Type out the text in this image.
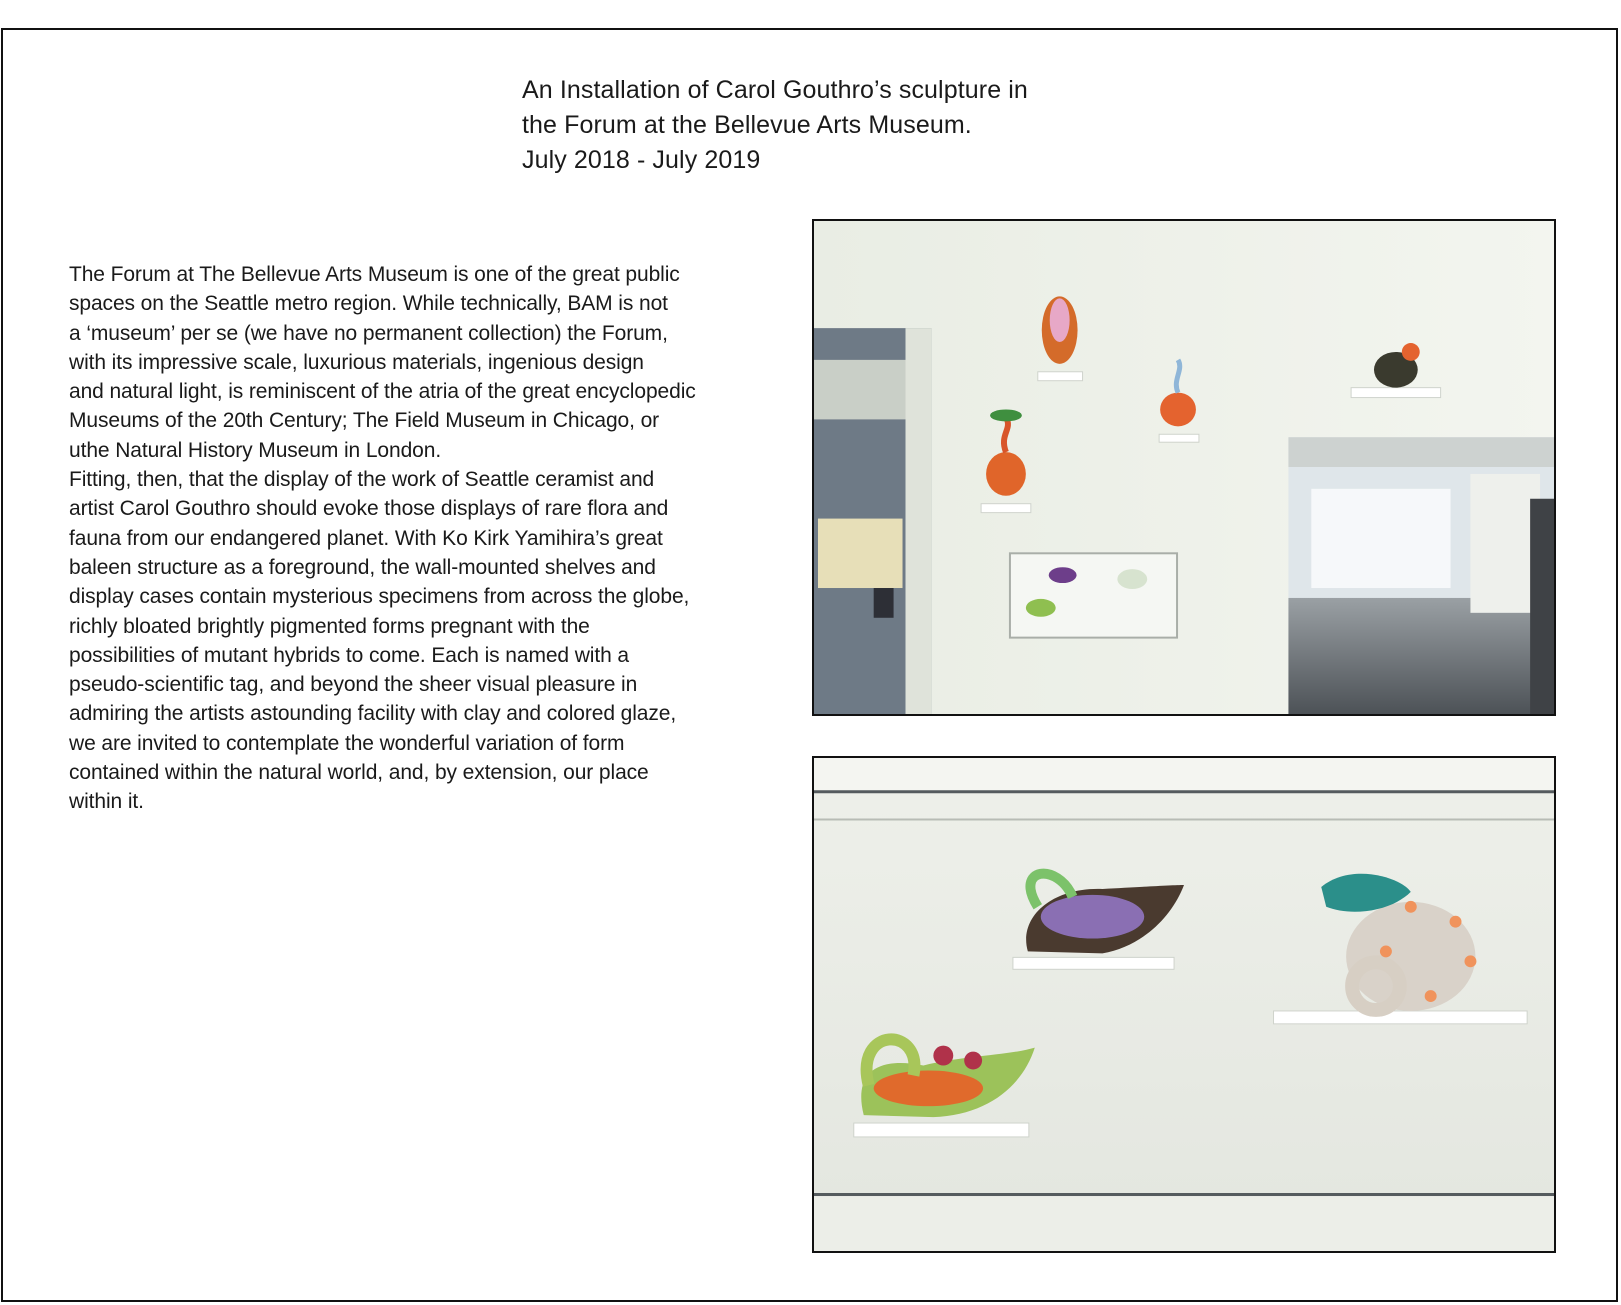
An Installation of Carol Gouthro’s sculpture in
the Forum at the Bellevue Arts Museum.
July 2018 - July 2019
The Forum at The Bellevue Arts Museum is one of the great public
spaces on the Seattle metro region. While technically, BAM is not
a ‘museum’ per se (we have no permanent collection) the Forum,
with its impressive scale, luxurious materials, ingenious design
and natural light, is reminiscent of the atria of the great encyclopedic
Museums of the 20th Century; The Field Museum in Chicago, or
uthe Natural History Museum in London.
Fitting, then, that the display of the work of Seattle ceramist and
artist Carol Gouthro should evoke those displays of rare flora and
fauna from our endangered planet. With Ko Kirk Yamihira’s great
baleen structure as a foreground, the wall-mounted shelves and
display cases contain mysterious specimens from across the globe,
richly bloated brightly pigmented forms pregnant with the
possibilities of mutant hybrids to come. Each is named with a
pseudo-scientific tag, and beyond the sheer visual pleasure in
admiring the artists astounding facility with clay and colored glaze,
we are invited to contemplate the wonderful variation of form
contained within the natural world, and, by extension, our place
within it.
